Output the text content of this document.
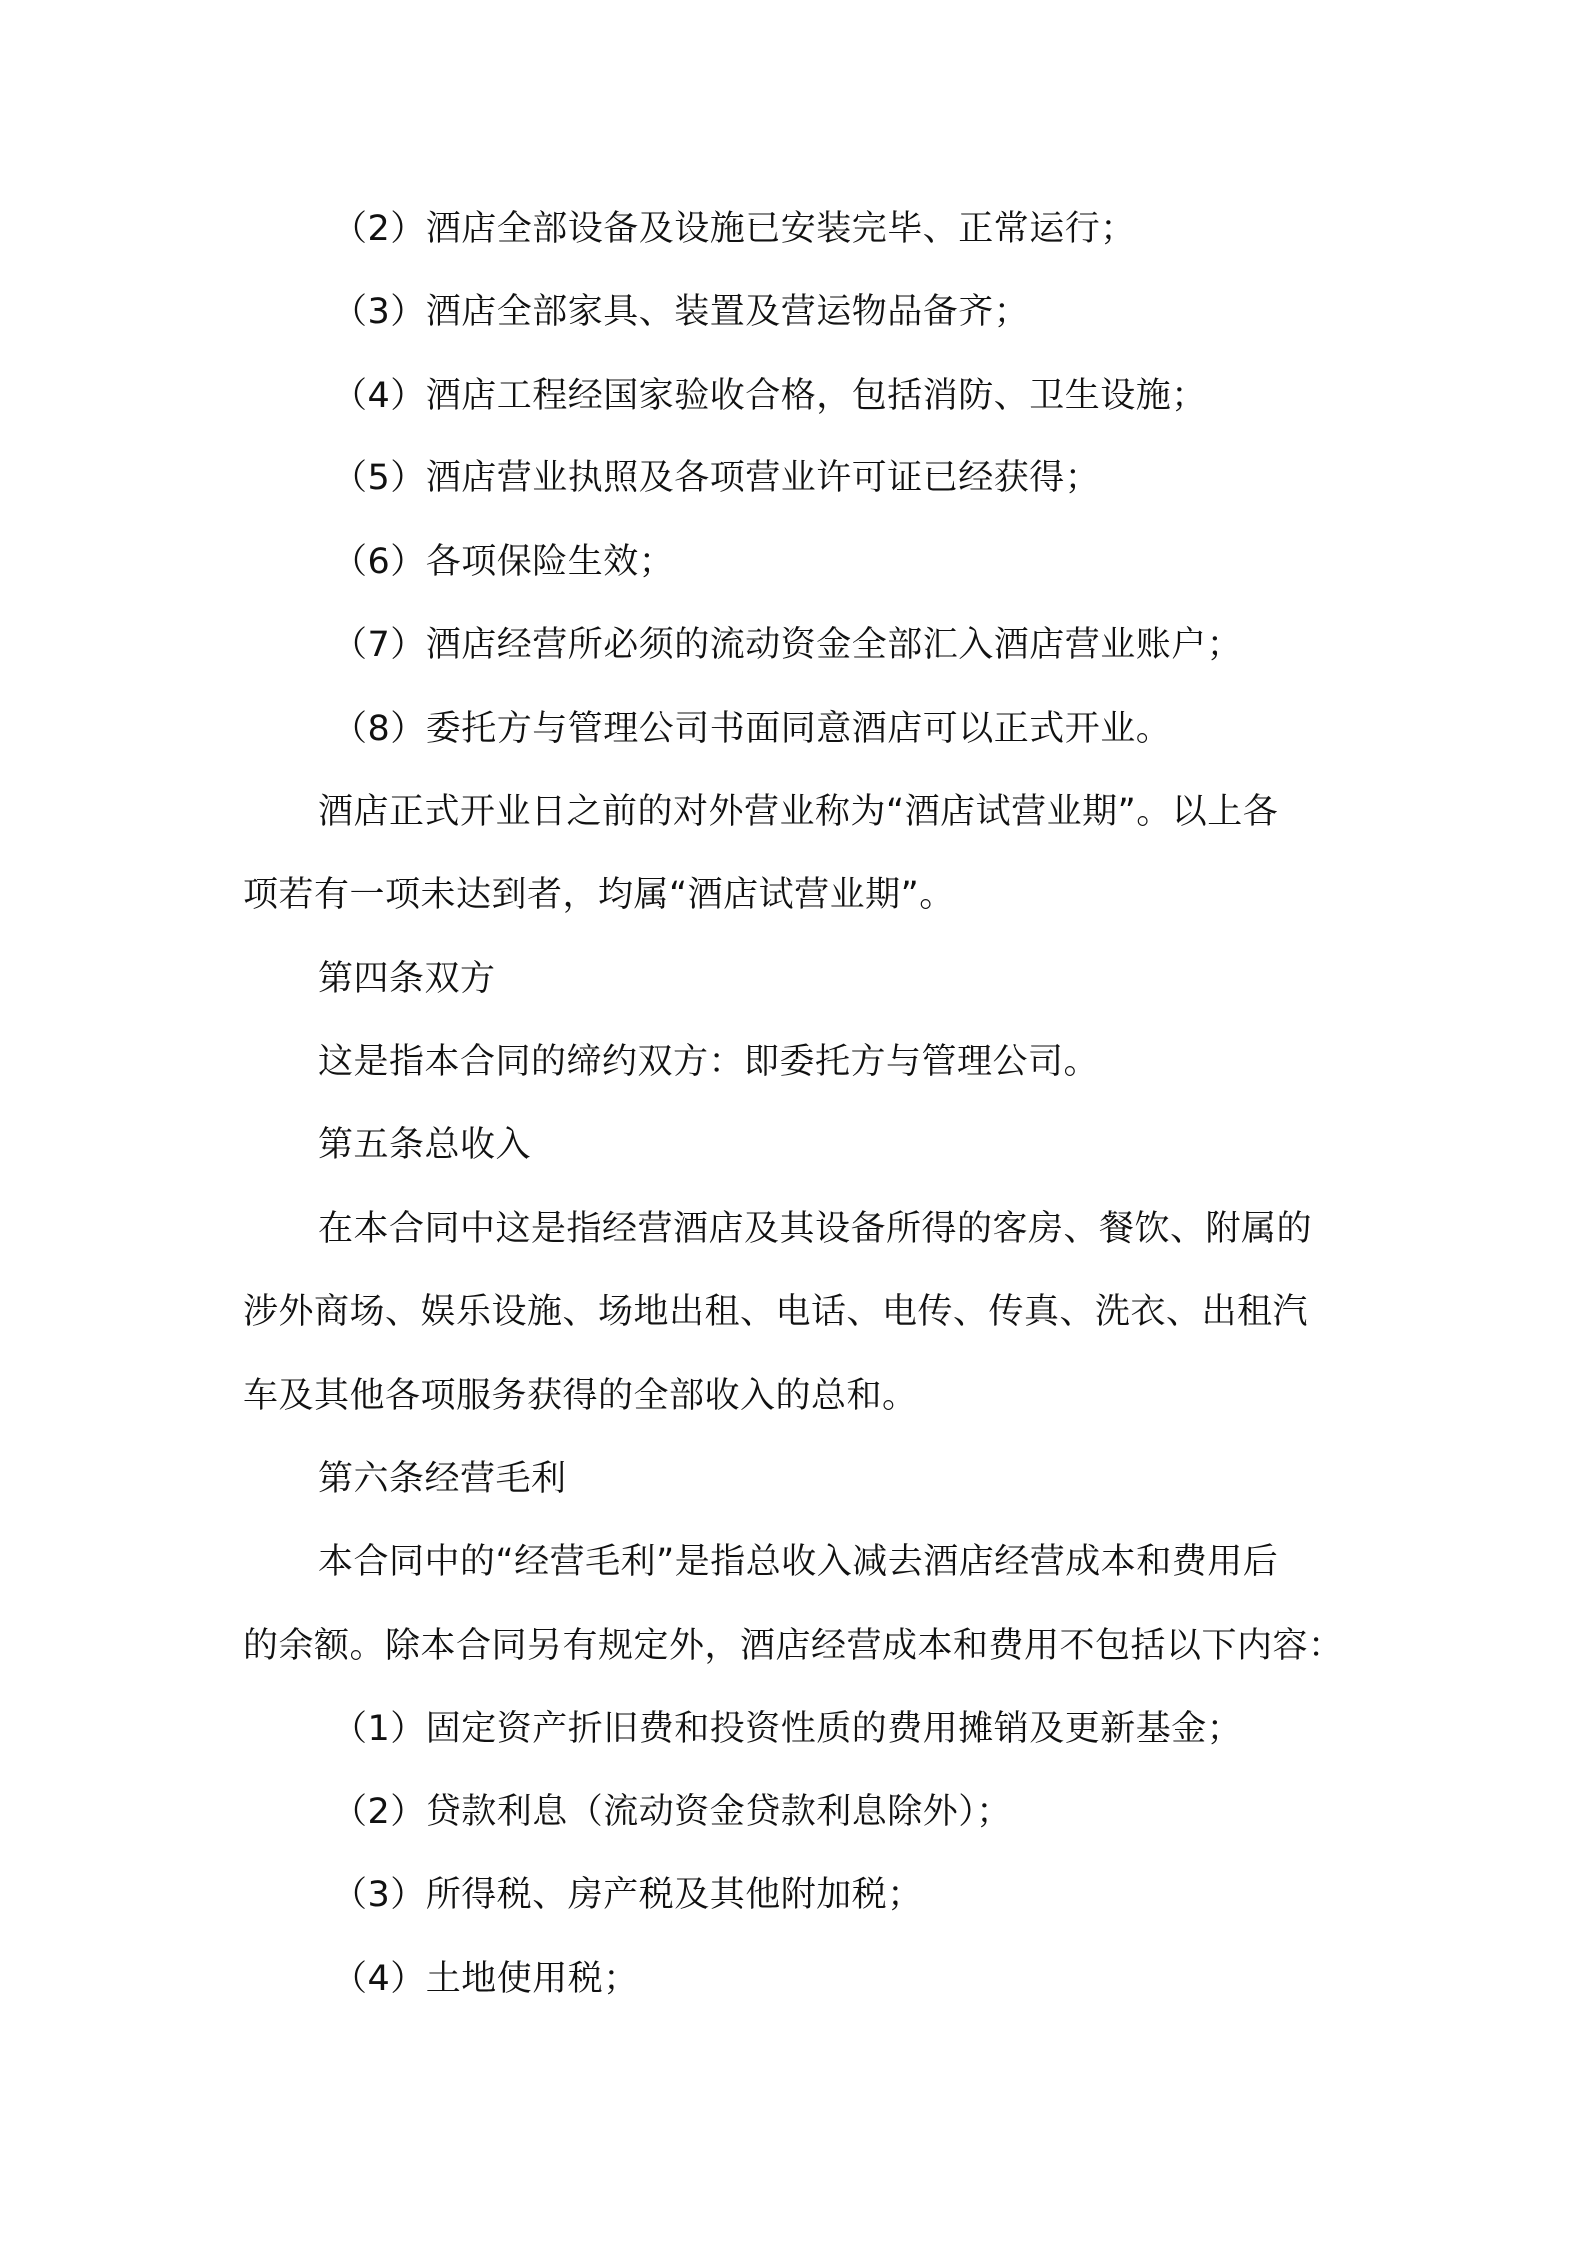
（2）酒店全部设备及设施已安装完毕、正常运行；
（3）酒店全部家具、装置及营运物品备齐；
（4）酒店工程经国家验收合格，包括消防、卫生设施；
（5）酒店营业执照及各项营业许可证已经获得；
（6）各项保险生效；
（7）酒店经营所必须的流动资金全部汇入酒店营业账户；
（8）委托方与管理公司书面同意酒店可以正式开业。
酒店正式开业日之前的对外营业称为“酒店试营业期”。以上各
项若有一项未达到者，均属“酒店试营业期”。
第四条双方
这是指本合同的缔约双方：即委托方与管理公司。
第五条总收入
在本合同中这是指经营酒店及其设备所得的客房、餐饮、附属的
涉外商场、娱乐设施、场地出租、电话、电传、传真、洗衣、出租汽
车及其他各项服务获得的全部收入的总和。
第六条经营毛利
本合同中的“经营毛利”是指总收入减去酒店经营成本和费用后
的余额。除本合同另有规定外，酒店经营成本和费用不包括以下内容：
（1）固定资产折旧费和投资性质的费用摊销及更新基金；
（2）贷款利息（流动资金贷款利息除外）；
（3）所得税、房产税及其他附加税；
（4）土地使用税；
